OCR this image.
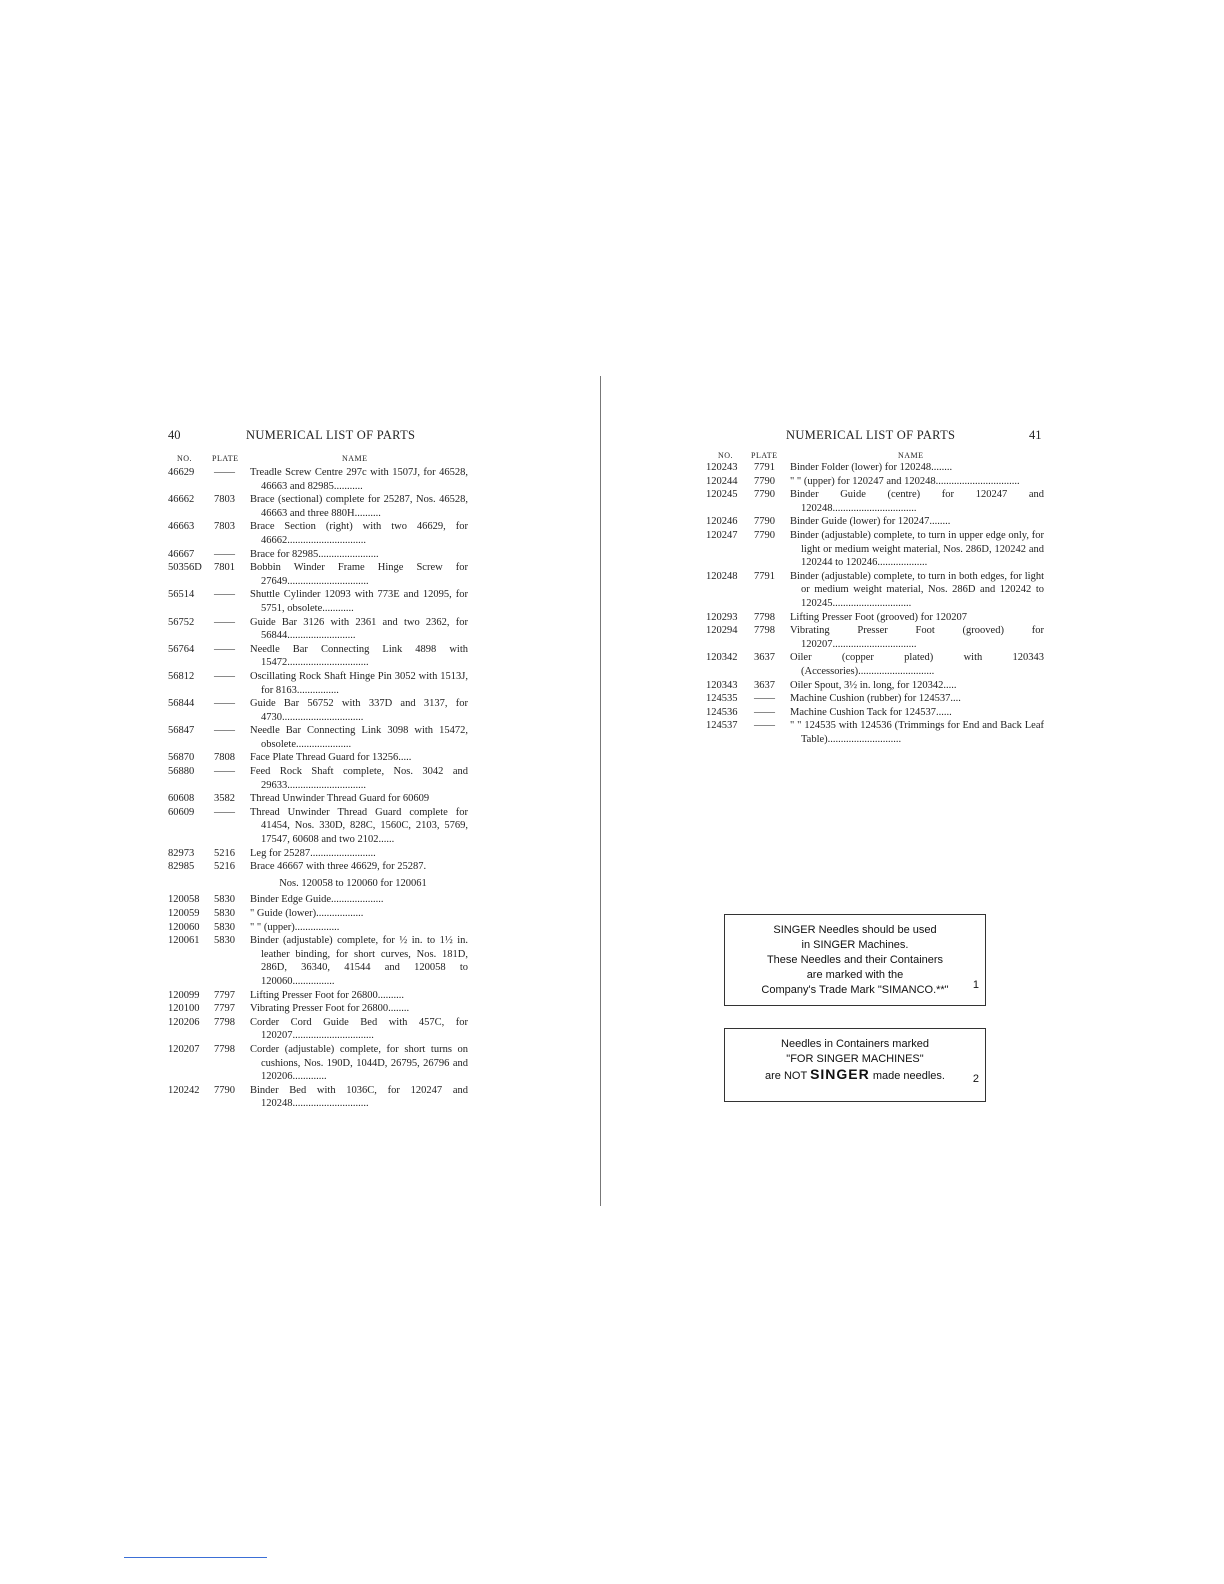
40	NUMERICAL LIST OF PARTS
NO. PLATE	NAME
46629	——	Treadle Screw Centre 297c with 1507J, for 46528, 46663 and 82985...........
46662	7803	Brace (sectional) complete for 25287, Nos. 46528, 46663 and three 880H..........
46663	7803	Brace Section (right) with two 46629, for 46662..............................
46667	——	Brace for 82985.......................
50356D	7801	Bobbin Winder Frame Hinge Screw for 27649...............................
56514	——	Shuttle Cylinder 12093 with 773E and 12095, for 5751, obsolete............
56752	——	Guide Bar 3126 with 2361 and two 2362, for 56844..........................
56764	——	Needle Bar Connecting Link 4898 with 15472...............................
56812	——	Oscillating Rock Shaft Hinge Pin 3052 with 1513J, for 8163................
56844	——	Guide Bar 56752 with 337D and 3137, for 4730...............................
56847	——	Needle Bar Connecting Link 3098 with 15472, obsolete.....................
56870	7808	Face Plate Thread Guard for 13256.....
56880	——	Feed Rock Shaft complete, Nos. 3042 and 29633..............................
60608	3582	Thread Unwinder Thread Guard for 60609
60609	——	Thread Unwinder Thread Guard complete for 41454, Nos. 330D, 828C, 1560C, 2103, 5769, 17547, 60608 and two 2102......
82973	5216	Leg for 25287.........................
82985	5216	Brace 46667 with three 46629, for 25287.
Nos. 120058 to 120060 for 120061
120058	5830	Binder Edge Guide....................
120059	5830	" Guide (lower)..................
120060	5830	" " (upper).................
120061	5830	Binder (adjustable) complete, for ½ in. to 1½ in. leather binding, for short curves, Nos. 181D, 286D, 36340, 41544 and 120058 to 120060................
120099	7797	Lifting Presser Foot for 26800..........
120100	7797	Vibrating Presser Foot for 26800........
120206	7798	Corder Cord Guide Bed with 457C, for 120207...............................
120207	7798	Corder (adjustable) complete, for short turns on cushions, Nos. 190D, 1044D, 26795, 26796 and 120206.............
120242	7790	Binder Bed with 1036C, for 120247 and 120248.............................
NUMERICAL LIST OF PARTS	41
NO. PLATE	NAME
120243	7791	Binder Folder (lower) for 120248........
120244	7790	" " (upper) for 120247 and 120248................................
120245	7790	Binder Guide (centre) for 120247 and 120248................................
120246	7790	Binder Guide (lower) for 120247........
120247	7790	Binder (adjustable) complete, to turn in upper edge only, for light or medium weight material, Nos. 286D, 120242 and 120244 to 120246...................
120248	7791	Binder (adjustable) complete, to turn in both edges, for light or medium weight material, Nos. 286D and 120242 to 120245..............................
120293	7798	Lifting Presser Foot (grooved) for 120207
120294	7798	Vibrating Presser Foot (grooved) for 120207................................
120342	3637	Oiler (copper plated) with 120343 (Accessories).............................
120343	3637	Oiler Spout, 3½ in. long, for 120342.....
124535	——	Machine Cushion (rubber) for 124537....
124536	——	Machine Cushion Tack for 124537......
124537	——	" " 124535 with 124536 (Trimmings for End and Back Leaf Table)............................
SINGER Needles should be used
in SINGER Machines.
These Needles and their Containers
are marked with the
Company's Trade Mark "SIMANCO.**"	1
Needles in Containers marked
"FOR SINGER MACHINES"
are NOT SINGER made needles.	2
